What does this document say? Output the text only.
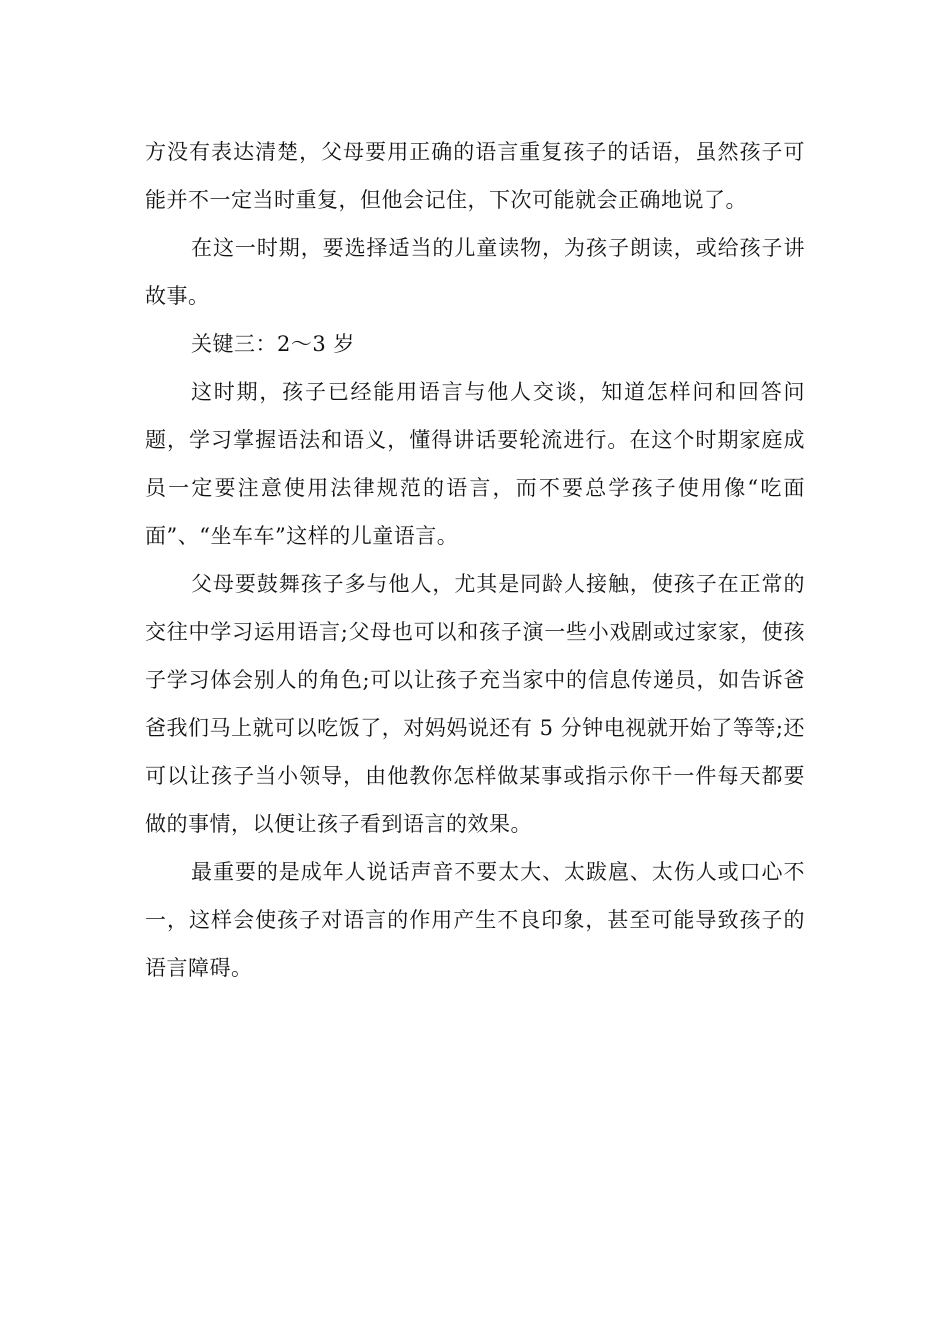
方没有表达清楚，父母要用正确的语言重复孩子的话语，虽然孩子可能并不一定当时重复，但他会记住，下次可能就会正确地说了。

在这一时期，要选择适当的儿童读物，为孩子朗读，或给孩子讲故事。

关键三：2～3 岁

这时期，孩子已经能用语言与他人交谈，知道怎样问和回答问题，学习掌握语法和语义，懂得讲话要轮流进行。在这个时期家庭成员一定要注意使用法律规范的语言，而不要总学孩子使用像“吃面面”、“坐车车”这样的儿童语言。

父母要鼓舞孩子多与他人，尤其是同龄人接触，使孩子在正常的交往中学习运用语言;父母也可以和孩子演一些小戏剧或过家家，使孩子学习体会别人的角色;可以让孩子充当家中的信息传递员，如告诉爸爸我们马上就可以吃饭了，对妈妈说还有 5 分钟电视就开始了等等;还可以让孩子当小领导，由他教你怎样做某事或指示你干一件每天都要做的事情，以便让孩子看到语言的效果。

最重要的是成年人说话声音不要太大、太跋扈、太伤人或口心不一，这样会使孩子对语言的作用产生不良印象，甚至可能导致孩子的语言障碍。
